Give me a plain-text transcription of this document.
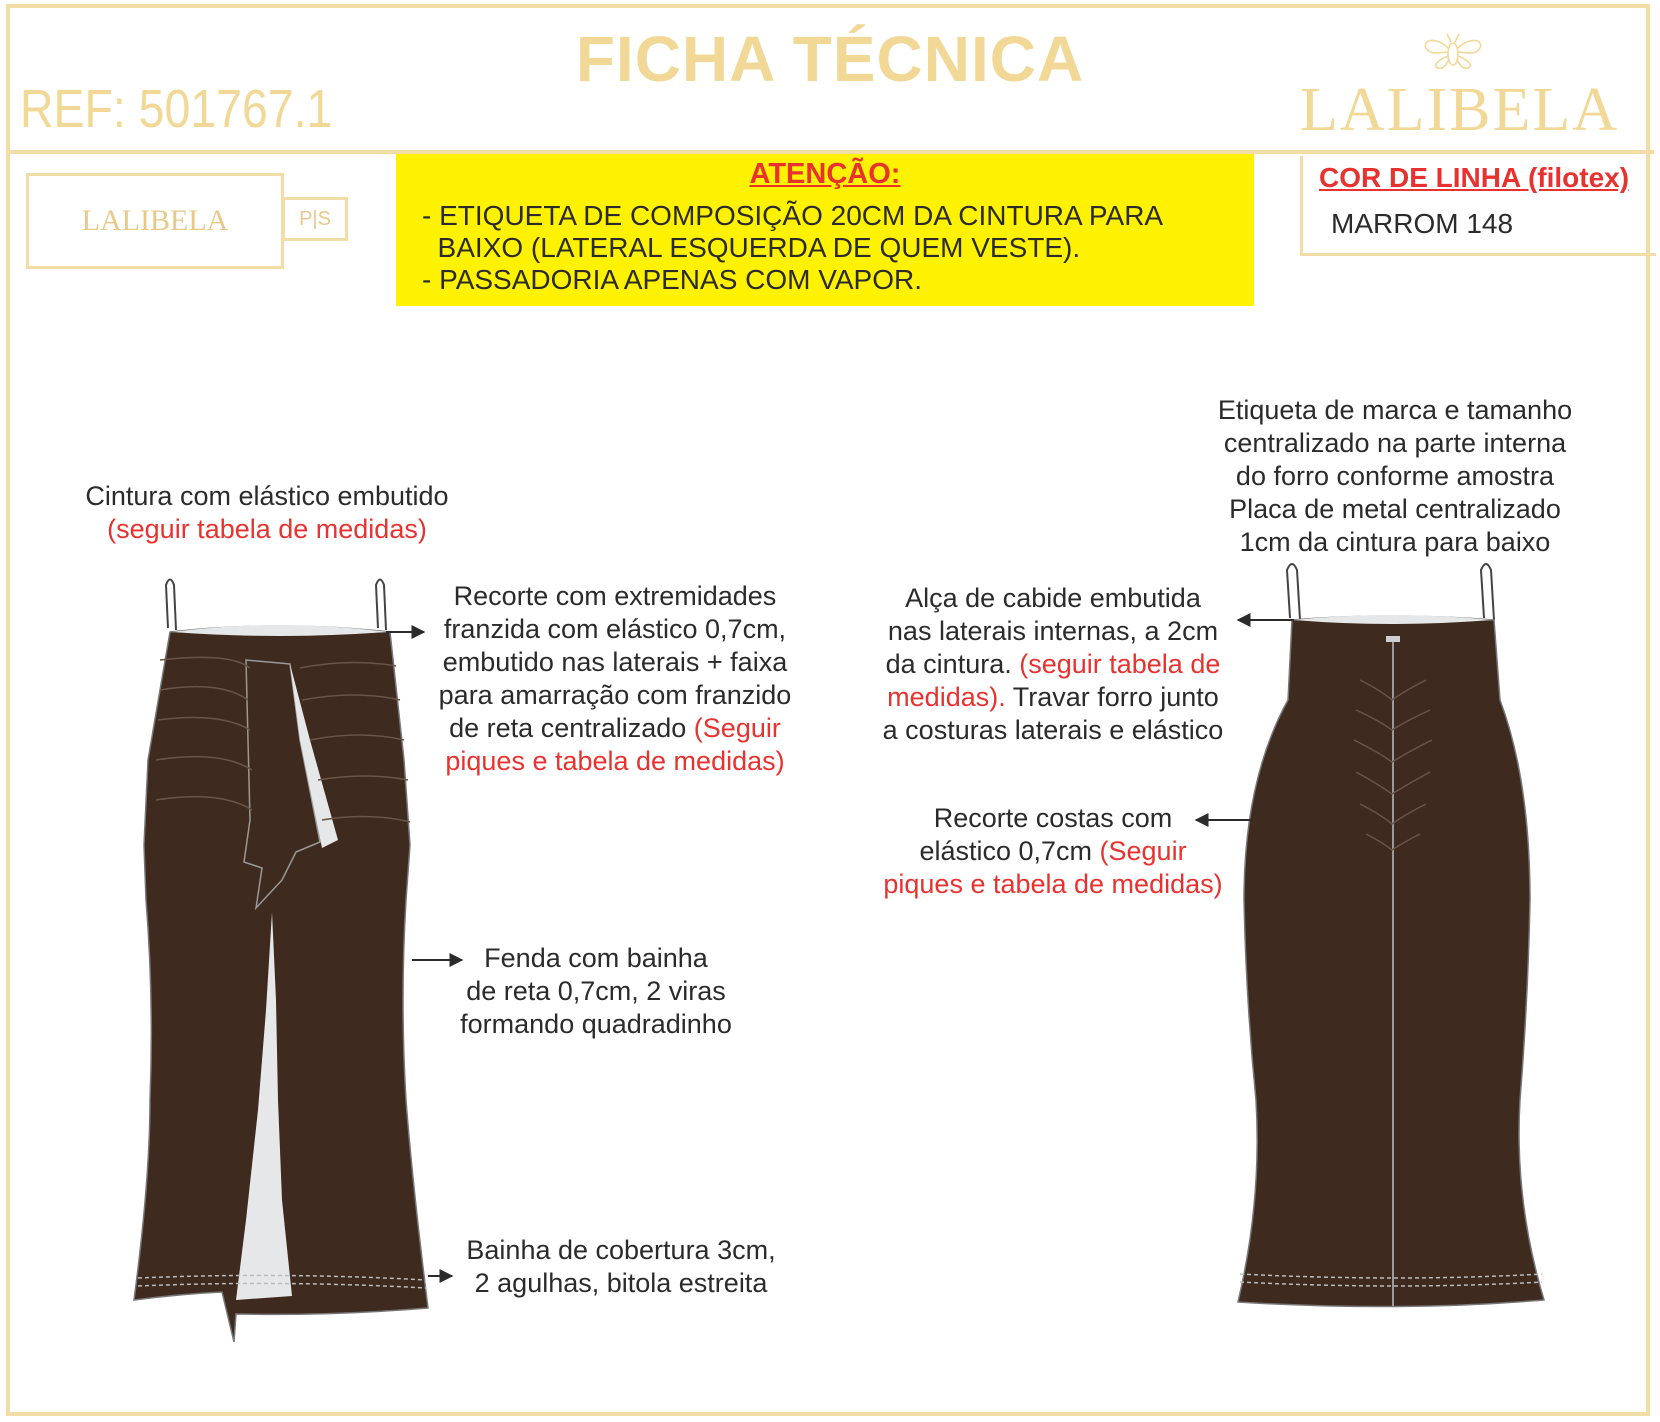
FICHA TÉCNICA
REF: 501767.1	LALIBELA
LALIBELA	P|S
ATENÇÃO:
- ETIQUETA DE COMPOSIÇÃO 20CM DA CINTURA PARA
BAIXO (LATERAL ESQUERDA DE QUEM VESTE).
- PASSADORIA APENAS COM VAPOR.
COR DE LINHA (filotex)
MARROM 148
Cintura com elástico embutido
(seguir tabela de medidas)
Recorte com extremidades
franzida com elástico 0,7cm,
embutido nas laterais + faixa
para amarração com franzido
de reta centralizado (Seguir
piques e tabela de medidas)
Fenda com bainha
de reta 0,7cm, 2 viras
formando quadradinho
Bainha de cobertura 3cm,
2 agulhas, bitola estreita
Etiqueta de marca e tamanho
centralizado na parte interna
do forro conforme amostra
Placa de metal centralizado
1cm da cintura para baixo
Alça de cabide embutida
nas laterais internas, a 2cm
da cintura. (seguir tabela de
medidas). Travar forro junto
a costuras laterais e elástico
Recorte costas com
elástico 0,7cm (Seguir
piques e tabela de medidas)
